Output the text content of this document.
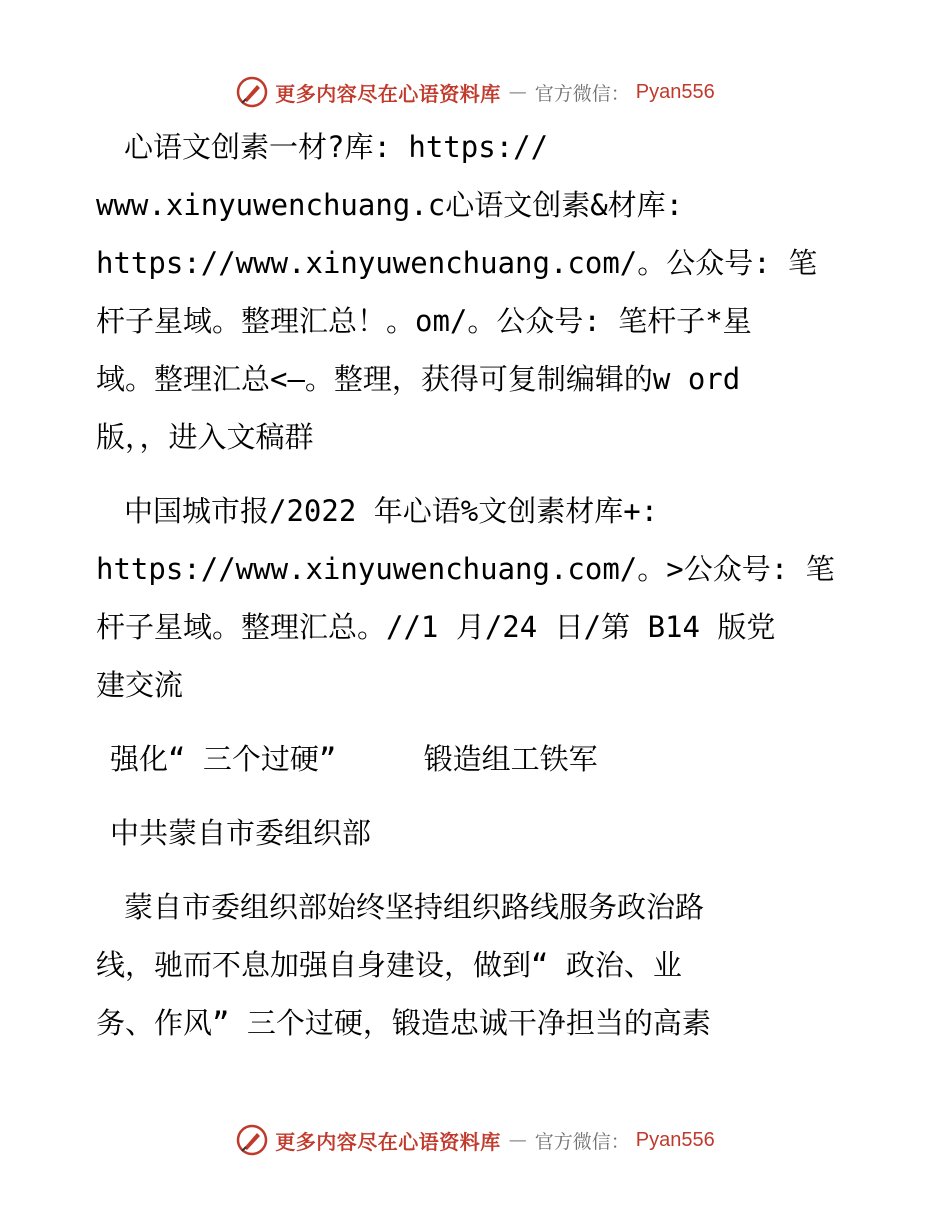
更多内容尽在心语资料库 — 官方微信： Pyan556
心语文创素一材?库: https://
www.xinyuwenchuang.c心语文创素&材库:
https://www.xinyuwenchuang.com/。公众号: 笔
杆子星域。整理汇总！。om/。公众号: 笔杆子*星
域。整理汇总<—。整理，获得可复制编辑的w ord
版，，进入文稿群
中国城市报/2022 年心语%文创素材库+:
https://www.xinyuwenchuang.com/。>公众号: 笔
杆子星域。整理汇总。//1 月/24 日/第 B14 版党
建交流
强化“ 三个过硬”     锻造组工铁军
中共蒙自市委组织部
蒙自市委组织部始终坚持组织路线服务政治路
线，驰而不息加强自身建设，做到“ 政治、业
务、作风” 三个过硬，锻造忠诚干净担当的高素
更多内容尽在心语资料库 — 官方微信： Pyan556
